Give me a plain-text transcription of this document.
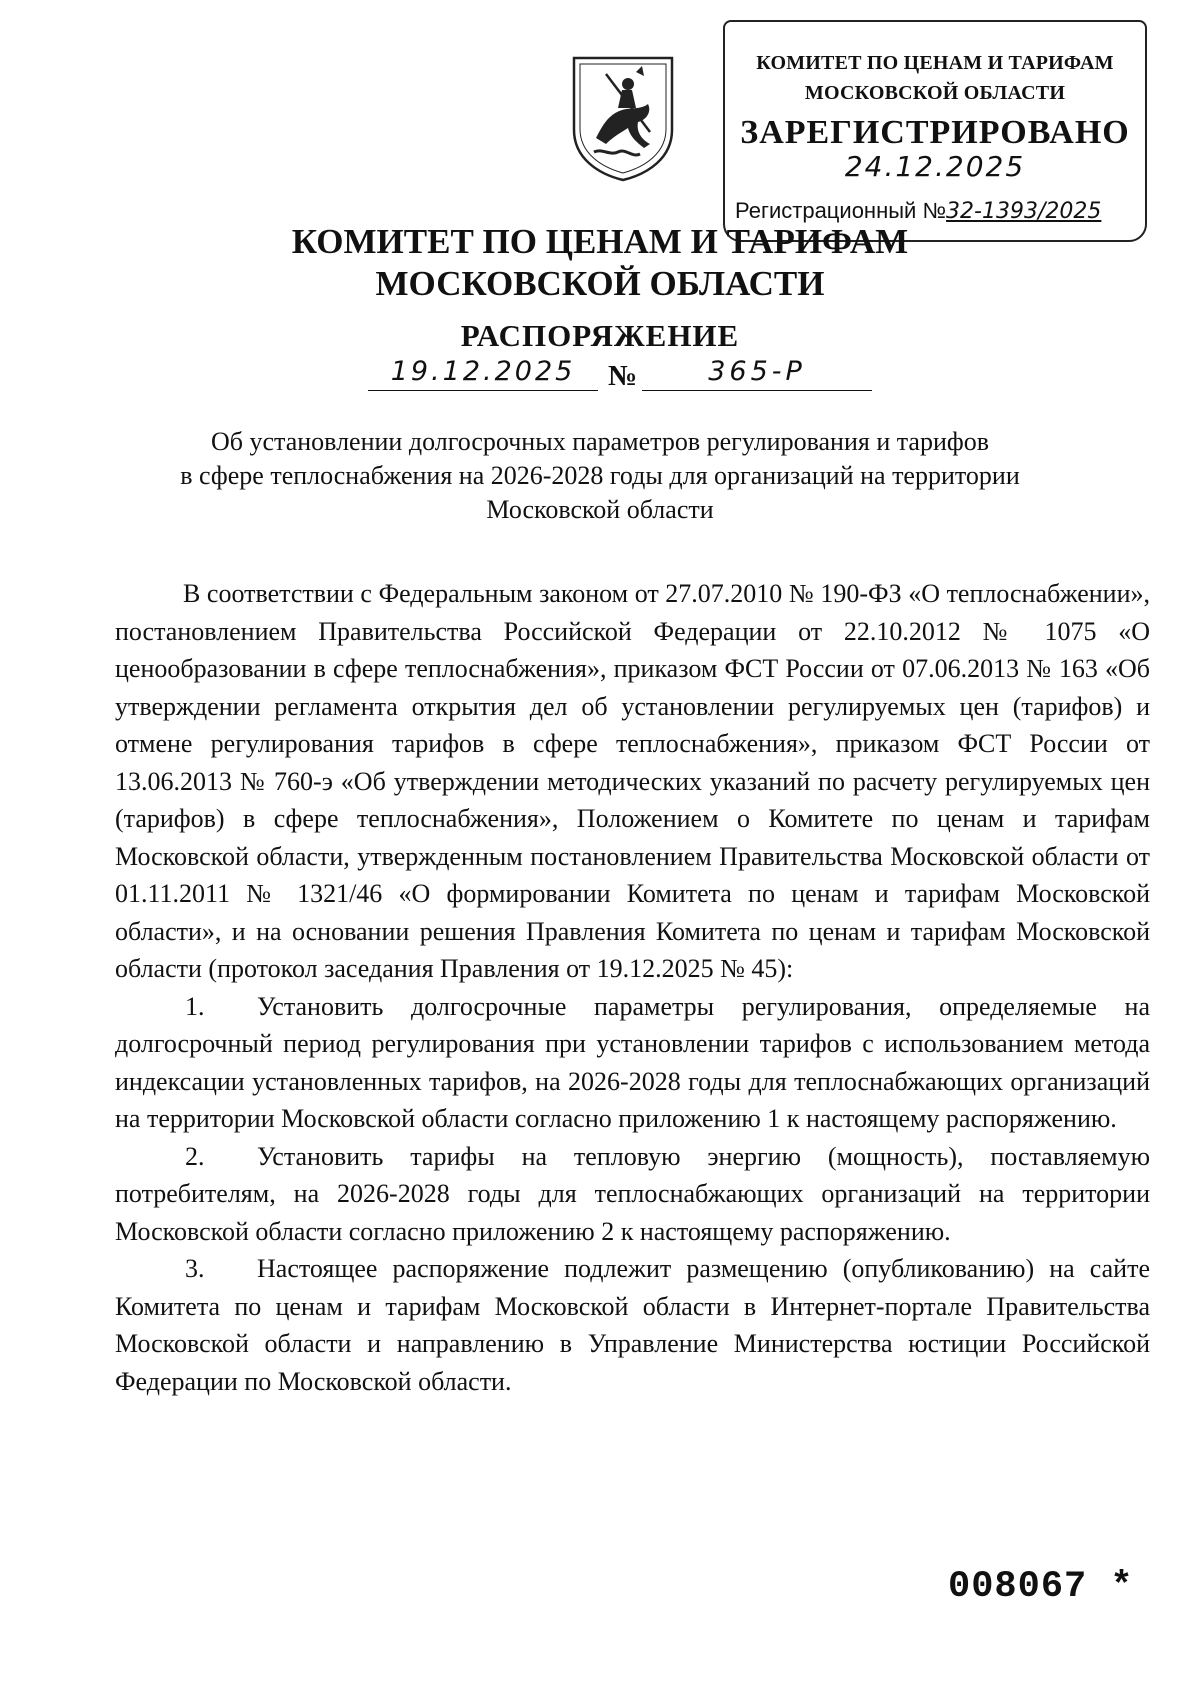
КОМИТЕТ ПО ЦЕНАМ И ТАРИФАМ
МОСКОВСКОЙ ОБЛАСТИ
ЗАРЕГИСТРИРОВАНО
24.12.2025
Регистрационный №32-1393/2025
КОМИТЕТ ПО ЦЕНАМ И ТАРИФАМ
МОСКОВСКОЙ ОБЛАСТИ
РАСПОРЯЖЕНИЕ
19.12.2025	№	365-Р
Об установлении долгосрочных параметров регулирования и тарифов
в сфере теплоснабжения на 2026-2028 годы для организаций на территории
Московской области

В соответствии с Федеральным законом от 27.07.2010 № 190-ФЗ «О теплоснабжении», постановлением Правительства Российской Федерации от 22.10.2012 № 1075 «О ценообразовании в сфере теплоснабжения», приказом ФСТ России от 07.06.2013 № 163 «Об утверждении регламента открытия дел об установлении регулируемых цен (тарифов) и отмене регулирования тарифов в сфере теплоснабжения», приказом ФСТ России от 13.06.2013 № 760-э «Об утверждении методических указаний по расчету регулируемых цен (тарифов) в сфере теплоснабжения», Положением о Комитете по ценам и тарифам Московской области, утвержденным постановлением Правительства Московской области от 01.11.2011 № 1321/46 «О формировании Комитета по ценам и тарифам Московской области», и на основании решения Правления Комитета по ценам и тарифам Московской области (протокол заседания Правления от 19.12.2025 № 45):

1. Установить долгосрочные параметры регулирования, определяемые на долгосрочный период регулирования при установлении тарифов с использованием метода индексации установленных тарифов, на 2026-2028 годы для теплоснабжающих организаций на территории Московской области согласно приложению 1 к настоящему распоряжению.

2. Установить тарифы на тепловую энергию (мощность), поставляемую потребителям, на 2026-2028 годы для теплоснабжающих организаций на территории Московской области согласно приложению 2 к настоящему распоряжению.

3. Настоящее распоряжение подлежит размещению (опубликованию) на сайте Комитета по ценам и тарифам Московской области в Интернет-портале Правительства Московской области и направлению в Управление Министерства юстиции Российской Федерации по Московской области.

008067 *
